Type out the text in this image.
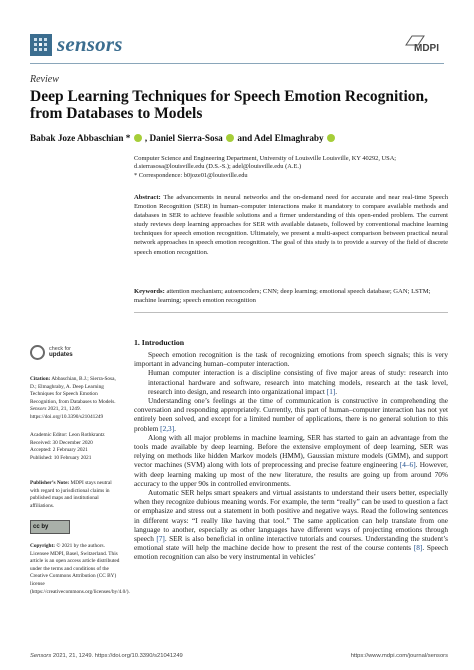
sensors	MDPI
Review
Deep Learning Techniques for Speech Emotion Recognition, from Databases to Models
Babak Joze Abbaschian * , Daniel Sierra-Sosa  and Adel Elmaghraby
Computer Science and Engineering Department, University of Louisville Louisville, KY 40292, USA;
d.sierrasosa@louisville.edu (D.S.-S.); adel@louisville.edu (A.E.)
* Correspondence: b0joze01@louisville.edu
Abstract: The advancements in neural networks and the on-demand need for accurate and near real-time Speech Emotion Recognition (SER) in human–computer interactions make it mandatory to compare available methods and databases in SER to achieve feasible solutions and a firmer understanding of this open-ended problem. The current study reviews deep learning approaches for SER with available datasets, followed by conventional machine learning techniques for speech emotion recognition. Ultimately, we present a multi-aspect comparison between practical neural network approaches in speech emotion recognition. The goal of this study is to provide a survey of the field of discrete speech emotion recognition.
Keywords: attention mechanism; autoencoders; CNN; deep learning; emotional speech database; GAN; LSTM; machine learning; speech emotion recognition
check for
updates
Citation: Abbaschian, B.J.; Sierra-Sosa, D.; Elmaghraby, A. Deep Learning Techniques for Speech Emotion Recognition, from Databases to Models. Sensors 2021, 21, 1249. https://doi.org/10.3390/s21041249
Academic Editor: Leon Rothkrantz
Received: 30 December 2020
Accepted: 2 February 2021
Published: 10 February 2021
Publisher’s Note: MDPI stays neutral with regard to jurisdictional claims in published maps and institutional affiliations.
cc by
Copyright: © 2021 by the authors. Licensee MDPI, Basel, Switzerland. This article is an open access article distributed under the terms and conditions of the Creative Commons Attribution (CC BY) license (https://creativecommons.org/licenses/by/4.0/).
1. Introduction

Speech emotion recognition is the task of recognizing emotions from speech signals; this is very important in advancing human–computer interaction.

Human computer interaction is a discipline consisting of five major areas of study: research into interactional hardware and software, research into matching models, research at the task level, research into design, and research into organizational impact [1].

Understanding one’s feelings at the time of communication is constructive in comprehending the conversation and responding appropriately. Currently, this part of human–computer interaction has not yet entirely been solved, and except for a limited number of applications, there is no general solution to this problem [2,3].

Along with all major problems in machine learning, SER has started to gain an advantage from the tools made available by deep learning. Before the extensive employment of deep learning, SER was relying on methods like hidden Markov models (HMM), Gaussian mixture models (GMM), and support vector machines (SVM) along with lots of preprocessing and precise feature engineering [4–6]. However, with deep learning making up most of the new literature, the results are going up from around 70% accuracy to the upper 90s in controlled environments.

Automatic SER helps smart speakers and virtual assistants to understand their users better, especially when they recognize dubious meaning words. For example, the term “really” can be used to question a fact or emphasize and stress out a statement in both positive and negative ways. Read the following sentences in different ways: “I really like having that tool.” The same application can help translate from one language to another, especially as other languages have different ways of projecting emotions through speech [7]. SER is also beneficial in online interactive tutorials and courses. Understanding the student’s emotional state will help the machine decide how to present the rest of the course contents [8]. Speech emotion recognition can also be very instrumental in vehicles’

Sensors 2021, 21, 1249. https://doi.org/10.3390/s21041249	https://www.mdpi.com/journal/sensors
